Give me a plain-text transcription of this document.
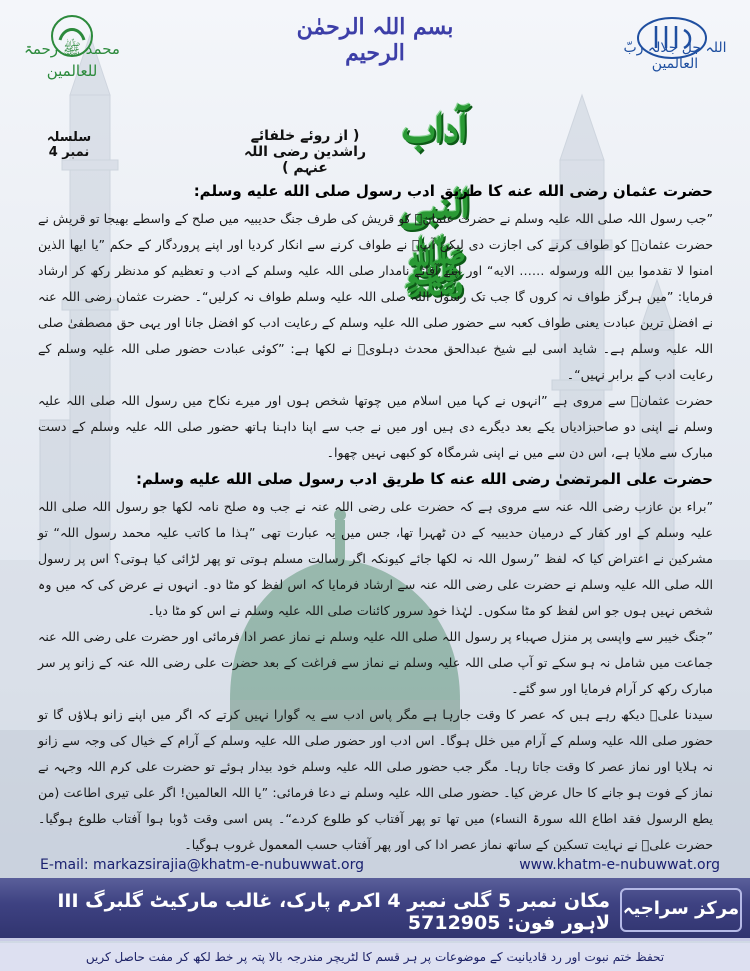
بسم اللہ الرحمٰن الرحیم
محمد ﷺ رحمۃ للعالمین
اللہ جل جلالہ ربّ العالمین
آداب النبی ﷺ
( از روئے خلفائے راشدین رضی اللہ عنہم )
سلسلہ نمبر 4
حضرت عثمان رضی الله عنه کا طریق ادب رسول صلی الله علیه وسلم:

”جب رسول اللہ صلی اللہ علیہ وسلم نے حضرت عثمانؓ کو قریش کی طرف جنگ حدیبیہ میں صلح کے واسطے بھیجا تو قریش نے حضرت عثمانؓ کو طواف کرنے کی اجازت دی لیکن آپؓ نے طواف کرنے سے انکار کردیا اور اپنے پروردگار کے حکم ”یا ایھا الذین امنوا لا تقدموا بین الله ورسوله …… الایه“ اور اپنے آقائے نامدار صلی اللہ علیہ وسلم کے ادب و تعظیم کو مدنظر رکھ کر ارشاد فرمایا: ”میں ہرگز طواف نہ کروں گا جب تک رسول اللہ صلی اللہ علیہ وسلم طواف نہ کرلیں“۔ حضرت عثمان رضی اللہ عنہ نے افضل ترین عبادت یعنی طواف کعبہ سے حضور صلی اللہ علیہ وسلم کے رعایت ادب کو افضل جانا اور یہی حق مصطفیٰ صلی اللہ علیہ وسلم ہے۔ شاید اسی لیے شیخ عبدالحق محدث دہلویؒ نے لکھا ہے: ”کوئی عبادت حضور صلی اللہ علیہ وسلم کے رعایت ادب کے برابر نہیں“۔

حضرت عثمانؓ سے مروی ہے ”انہوں نے کہا میں اسلام میں چوتھا شخص ہوں اور میرے نکاح میں رسول اللہ صلی اللہ علیہ وسلم نے اپنی دو صاحبزادیاں یکے بعد دیگرے دی ہیں اور میں نے جب سے اپنا داہنا ہاتھ حضور صلی اللہ علیہ وسلم کے دست مبارک سے ملایا ہے، اس دن سے میں نے اپنی شرمگاہ کو کبھی نہیں چھوا۔

حضرت علی المرتضیٰ رضی الله عنه کا طریق ادب رسول صلی الله علیه وسلم:

”براء بن عازب رضی اللہ عنہ سے مروی ہے کہ حضرت علی رضی اللہ عنہ نے جب وہ صلح نامہ لکھا جو رسول اللہ صلی اللہ علیہ وسلم کے اور کفار کے درمیان حدیبیہ کے دن ٹھہرا تھا، جس میں یہ عبارت تھی ”ہذا ما کاتب علیہ محمد رسول اللہ“ تو مشرکین نے اعتراض کیا کہ لفظ ”رسول اللہ نہ لکھا جائے کیونکہ اگر رسالت مسلم ہوتی تو پھر لڑائی کیا ہوتی؟ اس پر رسول اللہ صلی اللہ علیہ وسلم نے حضرت علی رضی اللہ عنہ سے ارشاد فرمایا کہ اس لفظ کو مٹا دو۔ انہوں نے عرض کی کہ میں وہ شخص نہیں ہوں جو اس لفظ کو مٹا سکوں۔ لہٰذا خود سرور کائنات صلی اللہ علیہ وسلم نے اس کو مٹا دیا۔

”جنگ خیبر سے واپسی پر منزل صہباء پر رسول اللہ صلی اللہ علیہ وسلم نے نماز عصر ادا فرمائی اور حضرت علی رضی اللہ عنہ جماعت میں شامل نہ ہو سکے تو آپ صلی اللہ علیہ وسلم نے نماز سے فراغت کے بعد حضرت علی رضی اللہ عنہ کے زانو پر سر مبارک رکھ کر آرام فرمایا اور سو گئے۔

سیدنا علیؓ دیکھ رہے ہیں کہ عصر کا وقت جارہا ہے مگر پاس ادب سے یہ گوارا نہیں کرتے کہ اگر میں اپنے زانو ہلاؤں گا تو حضور صلی اللہ علیہ وسلم کے آرام میں خلل ہوگا۔ اس ادب اور حضور صلی اللہ علیہ وسلم کے آرام کے خیال کی وجہ سے زانو نہ ہلایا اور نماز عصر کا وقت جاتا رہا۔ مگر جب حضور صلی اللہ علیہ وسلم خود بیدار ہوئے تو حضرت علی کرم اللہ وجہہ نے نماز کے فوت ہو جانے کا حال عرض کیا۔ حضور صلی اللہ علیہ وسلم نے دعا فرمائی: ”یا اللہ العالمین! اگر علی تیری اطاعت (من یطع الرسول فقد اطاع الله سورۃ النساء) میں تھا تو پھر آفتاب کو طلوع کردے“۔ پس اسی وقت ڈوبا ہوا آفتاب طلوع ہوگیا۔ حضرت علیؓ نے نہایت تسکین کے ساتھ نماز عصر ادا کی اور پھر آفتاب حسب المعمول غروب ہوگیا۔

E-mail: markazsirajia@khatm-e-nubuwwat.org	www.khatm-e-nubuwwat.org
مرکز سراجیہ
مکان نمبر 5 گلی نمبر 4 اکرم پارک، غالب مارکیٹ گلبرگ III لاہور فون: 5712905
تحفظ ختم نبوت اور رد قادیانیت کے موضوعات پر ہر قسم کا لٹریچر مندرجہ بالا پتہ پر خط لکھ کر مفت حاصل کریں
